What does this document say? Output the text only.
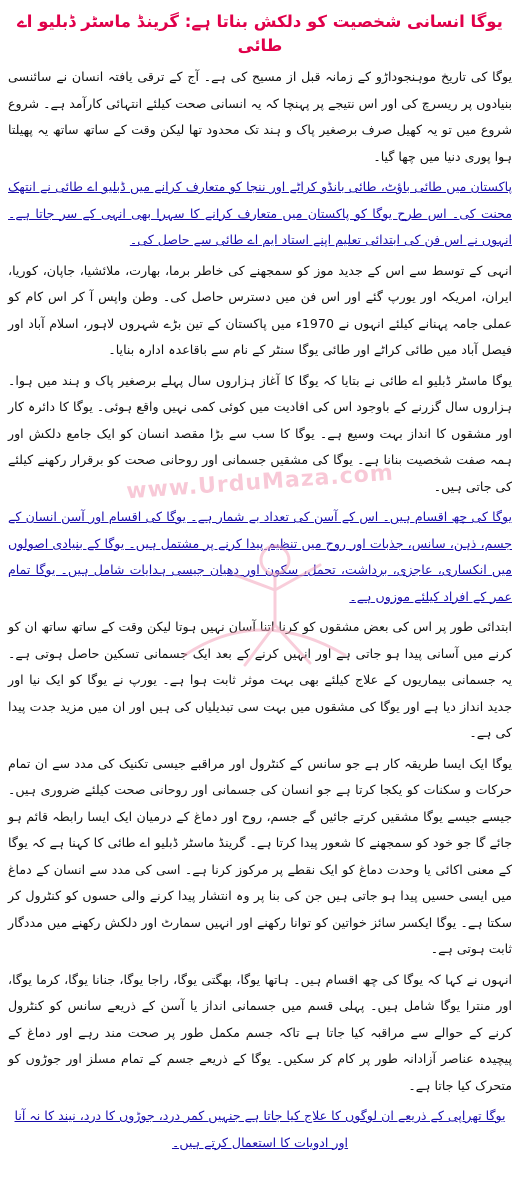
یوگا انسانی شخصیت کو دلکش بناتا ہے: گرینڈ ماسٹر ڈبلیو اے طائی

یوگا کی تاریخ موہنجوداڑو کے زمانہ قبل از مسیح کی ہے۔ آج کے ترقی یافتہ انسان نے سائنسی بنیادوں پر ریسرچ کی اور اس نتیجے پر پہنچا کہ یہ انسانی صحت کیلئے انتہائی کارآمد ہے۔ شروع شروع میں تو یہ کھیل صرف برصغیر پاک و ہند تک محدود تھا لیکن وقت کے ساتھ ساتھ یہ پھیلتا ہوا پوری دنیا میں چھا گیا۔

پاکستان میں طائی باؤٹ، طائی بانڈو کراٹے اور ننجا کو متعارف کرانے میں ڈبلیو اے طائی نے انتھک محنت کی۔ اس طرح یوگا کو پاکستان میں متعارف کرانے کا سہرا بھی انہی کے سر جاتا ہے۔ انہوں نے اس فن کی ابتدائی تعلیم اپنے استاد ایم اے طائی سے حاصل کی۔

انہی کے توسط سے اس کے جدید موز کو سمجھنے کی خاطر برما، بھارت، ملائشیا، جاپان، کوریا، ایران، امریکہ اور یورپ گئے اور اس فن میں دسترس حاصل کی۔ وطن واپس آ کر اس کام کو عملی جامہ پہنانے کیلئے انہوں نے 1970ء میں پاکستان کے تین بڑے شہروں لاہور، اسلام آباد اور فیصل آباد میں طائی کراٹے اور طائی یوگا سنٹر کے نام سے باقاعدہ ادارہ بنایا۔

یوگا ماسٹر ڈبلیو اے طائی نے بتایا کہ یوگا کا آغاز ہزاروں سال پہلے برصغیر پاک و ہند میں ہوا۔ ہزاروں سال گزرنے کے باوجود اس کی افادیت میں کوئی کمی نہیں واقع ہوئی۔ یوگا کا دائرہ کار اور مشقوں کا انداز بہت وسیع ہے۔ یوگا کا سب سے بڑا مقصد انسان کو ایک جامع دلکش اور ہمہ صفت شخصیت بنانا ہے۔ یوگا کی مشقیں جسمانی اور روحانی صحت کو برقرار رکھنے کیلئے کی جاتی ہیں۔

یوگا کی چھ اقسام ہیں۔ اس کے آسن کی تعداد بے شمار ہے۔ یوگا کی اقسام اور آسن انسان کے جسم، ذہن، سانس، جذبات اور روح میں تنظیم پیدا کرنے پر مشتمل ہیں۔ یوگا کے بنیادی اصولوں میں انکساری، عاجزی، برداشت، تحمل، سکون اور دھیان جیسی ہدایات شامل ہیں۔ یوگا تمام عمر کے افراد کیلئے موزوں ہے۔

ابتدائی طور پر اس کی بعض مشقوں کو کرنا اتنا آسان نہیں ہوتا لیکن وقت کے ساتھ ساتھ ان کو کرنے میں آسانی پیدا ہو جاتی ہے اور انہیں کرنے کے بعد ایک جسمانی تسکین حاصل ہوتی ہے۔ یہ جسمانی بیماریوں کے علاج کیلئے بھی بہت موثر ثابت ہوا ہے۔ یورپ نے یوگا کو ایک نیا اور جدید انداز دیا ہے اور یوگا کی مشقوں میں بہت سی تبدیلیاں کی ہیں اور ان میں مزید جدت پیدا کی ہے۔

یوگا ایک ایسا طریقہ کار ہے جو سانس کے کنٹرول اور مراقبے جیسی تکنیک کی مدد سے ان تمام حرکات و سکنات کو یکجا کرتا ہے جو انسان کی جسمانی اور روحانی صحت کیلئے ضروری ہیں۔ جیسے جیسے یوگا مشقیں کرتے جائیں گے جسم، روح اور دماغ کے درمیان ایک ایسا رابطہ قائم ہو جائے گا جو خود کو سمجھنے کا شعور پیدا کرتا ہے۔ گرینڈ ماسٹر ڈبلیو اے طائی کا کہنا ہے کہ یوگا کے معنی اکائی یا وحدت دماغ کو ایک نقطے پر مرکوز کرنا ہے۔ اسی کی مدد سے انسان کے دماغ میں ایسی حسیں پیدا ہو جاتی ہیں جن کی بنا پر وہ انتشار پیدا کرنے والی حسوں کو کنٹرول کر سکتا ہے۔ یوگا ایکسر سائز خواتین کو توانا رکھنے اور انہیں سمارٹ اور دلکش رکھنے میں مددگار ثابت ہوتی ہے۔

انہوں نے کہا کہ یوگا کی چھ اقسام ہیں۔ ہاتھا یوگا، بھگتی یوگا، راجا یوگا، جنانا یوگا، کرما یوگا، اور منترا یوگا شامل ہیں۔ پہلی قسم میں جسمانی انداز یا آسن کے ذریعے سانس کو کنٹرول کرنے کے حوالے سے مراقبہ کیا جاتا ہے تاکہ جسم مکمل طور پر صحت مند رہے اور دماغ کے پیچیدہ عناصر آزادانہ طور پر کام کر سکیں۔ یوگا کے ذریعے جسم کے تمام مسلز اور جوڑوں کو متحرک کیا جاتا ہے۔

یوگا تھراپی کے ذریعے ان لوگوں کا علاج کیا جاتا ہے جنہیں کمر درد، جوڑوں کا درد، نیند کا نہ آنا اور ادویات کا استعمال کرتے ہیں۔

www.UrduMaza.com
